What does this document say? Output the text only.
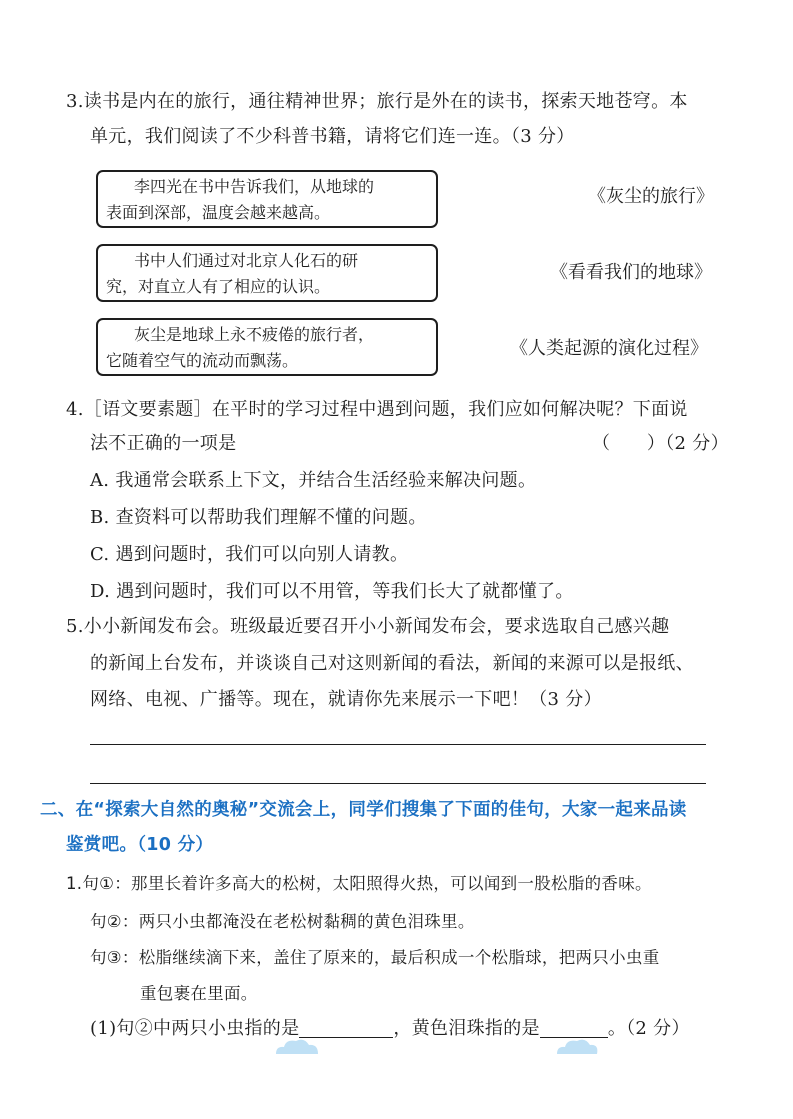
3.读书是内在的旅行，通往精神世界；旅行是外在的读书，探索天地苍穹。本
单元，我们阅读了不少科普书籍，请将它们连一连。（3 分）
李四光在书中告诉我们，从地球的
表面到深部，温度会越来越高。
书中人们通过对北京人化石的研
究，对直立人有了相应的认识。
灰尘是地球上永不疲倦的旅行者，
它随着空气的流动而飘荡。
《灰尘的旅行》
《看看我们的地球》
《人类起源的演化过程》
4.［语文要素题］在平时的学习过程中遇到问题，我们应如何解决呢？下面说
法不正确的一项是	（　　）（2 分）
A. 我通常会联系上下文，并结合生活经验来解决问题。
B. 查资料可以帮助我们理解不懂的问题。
C. 遇到问题时，我们可以向别人请教。
D. 遇到问题时，我们可以不用管，等我们长大了就都懂了。
5.小小新闻发布会。班级最近要召开小小新闻发布会，要求选取自己感兴趣
的新闻上台发布，并谈谈自己对这则新闻的看法，新闻的来源可以是报纸、
网络、电视、广播等。现在，就请你先来展示一下吧！（3 分）
二、在“探索大自然的奥秘”交流会上，同学们搜集了下面的佳句，大家一起来品读
鉴赏吧。（10 分）
1.句①：那里长着许多高大的松树，太阳照得火热，可以闻到一股松脂的香味。
句②：两只小虫都淹没在老松树黏稠的黄色泪珠里。
句③：松脂继续滴下来，盖住了原来的，最后积成一个松脂球，把两只小虫重
重包裹在里面。
(1)句②中两只小虫指的是	，黄色泪珠指的是	。（2 分）
